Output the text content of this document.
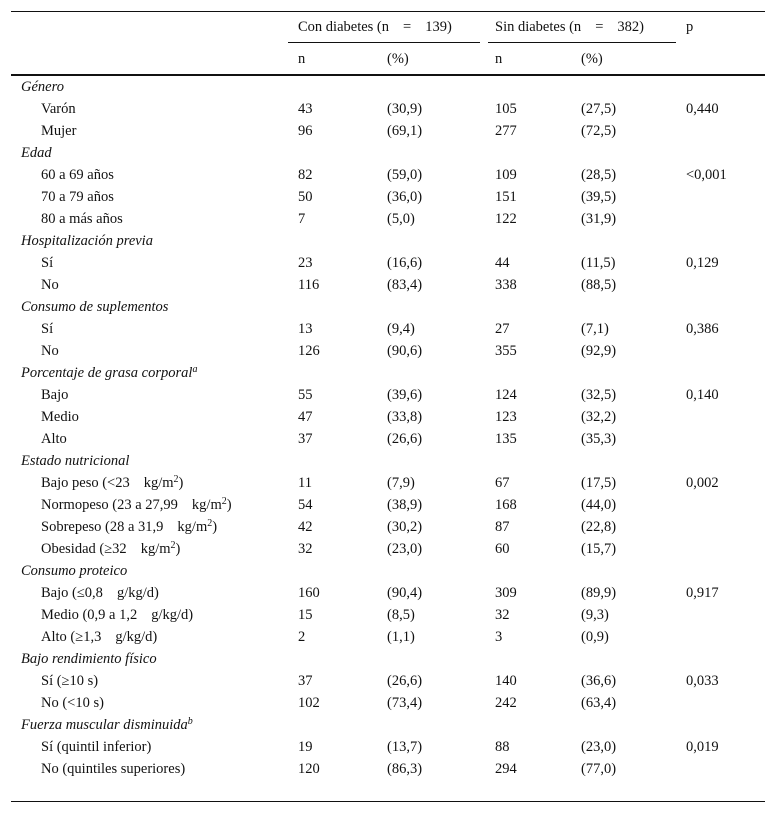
Con diabetes (n = 139)	Sin diabetes (n = 382)	p
n	(%)	n	(%)
Género
Varón	43	(30,9)	105	(27,5)	0,440
Mujer	96	(69,1)	277	(72,5)
Edad
60 a 69 años	82	(59,0)	109	(28,5)	<0,001
70 a 79 años	50	(36,0)	151	(39,5)
80 a más años	7	(5,0)	122	(31,9)
Hospitalización previa
Sí	23	(16,6)	44	(11,5)	0,129
No	116	(83,4)	338	(88,5)
Consumo de suplementos
Sí	13	(9,4)	27	(7,1)	0,386
No	126	(90,6)	355	(92,9)
Porcentaje de grasa corporal$^a$
Bajo	55	(39,6)	124	(32,5)	0,140
Medio	47	(33,8)	123	(32,2)
Alto	37	(26,6)	135	(35,3)
Estado nutricional
Bajo peso (<23 $kg/m^2$)	11	(7,9)	67	(17,5)	0,002
Normopeso (23 a 27,99 $kg/m^2$)	54	(38,9)	168	(44,0)
Sobrepeso (28 a 31,9 $kg/m^2$)	42	(30,2)	87	(22,8)
Obesidad (≥32 $kg/m^2$)	32	(23,0)	60	(15,7)
Consumo proteico
Bajo (≤0,8 g/kg/d)	160	(90,4)	309	(89,9)	0,917
Medio (0,9 a 1,2 g/kg/d)	15	(8,5)	32	(9,3)
Alto (≥1,3 g/kg/d)	2	(1,1)	3	(0,9)
Bajo rendimiento físico
Sí (≥10 s)	37	(26,6)	140	(36,6)	0,033
No (<10 s)	102	(73,4)	242	(63,4)
Fuerza muscular disminuida$^b$
Sí (quintil inferior)	19	(13,7)	88	(23,0)	0,019
No (quintiles superiores)	120	(86,3)	294	(77,0)
